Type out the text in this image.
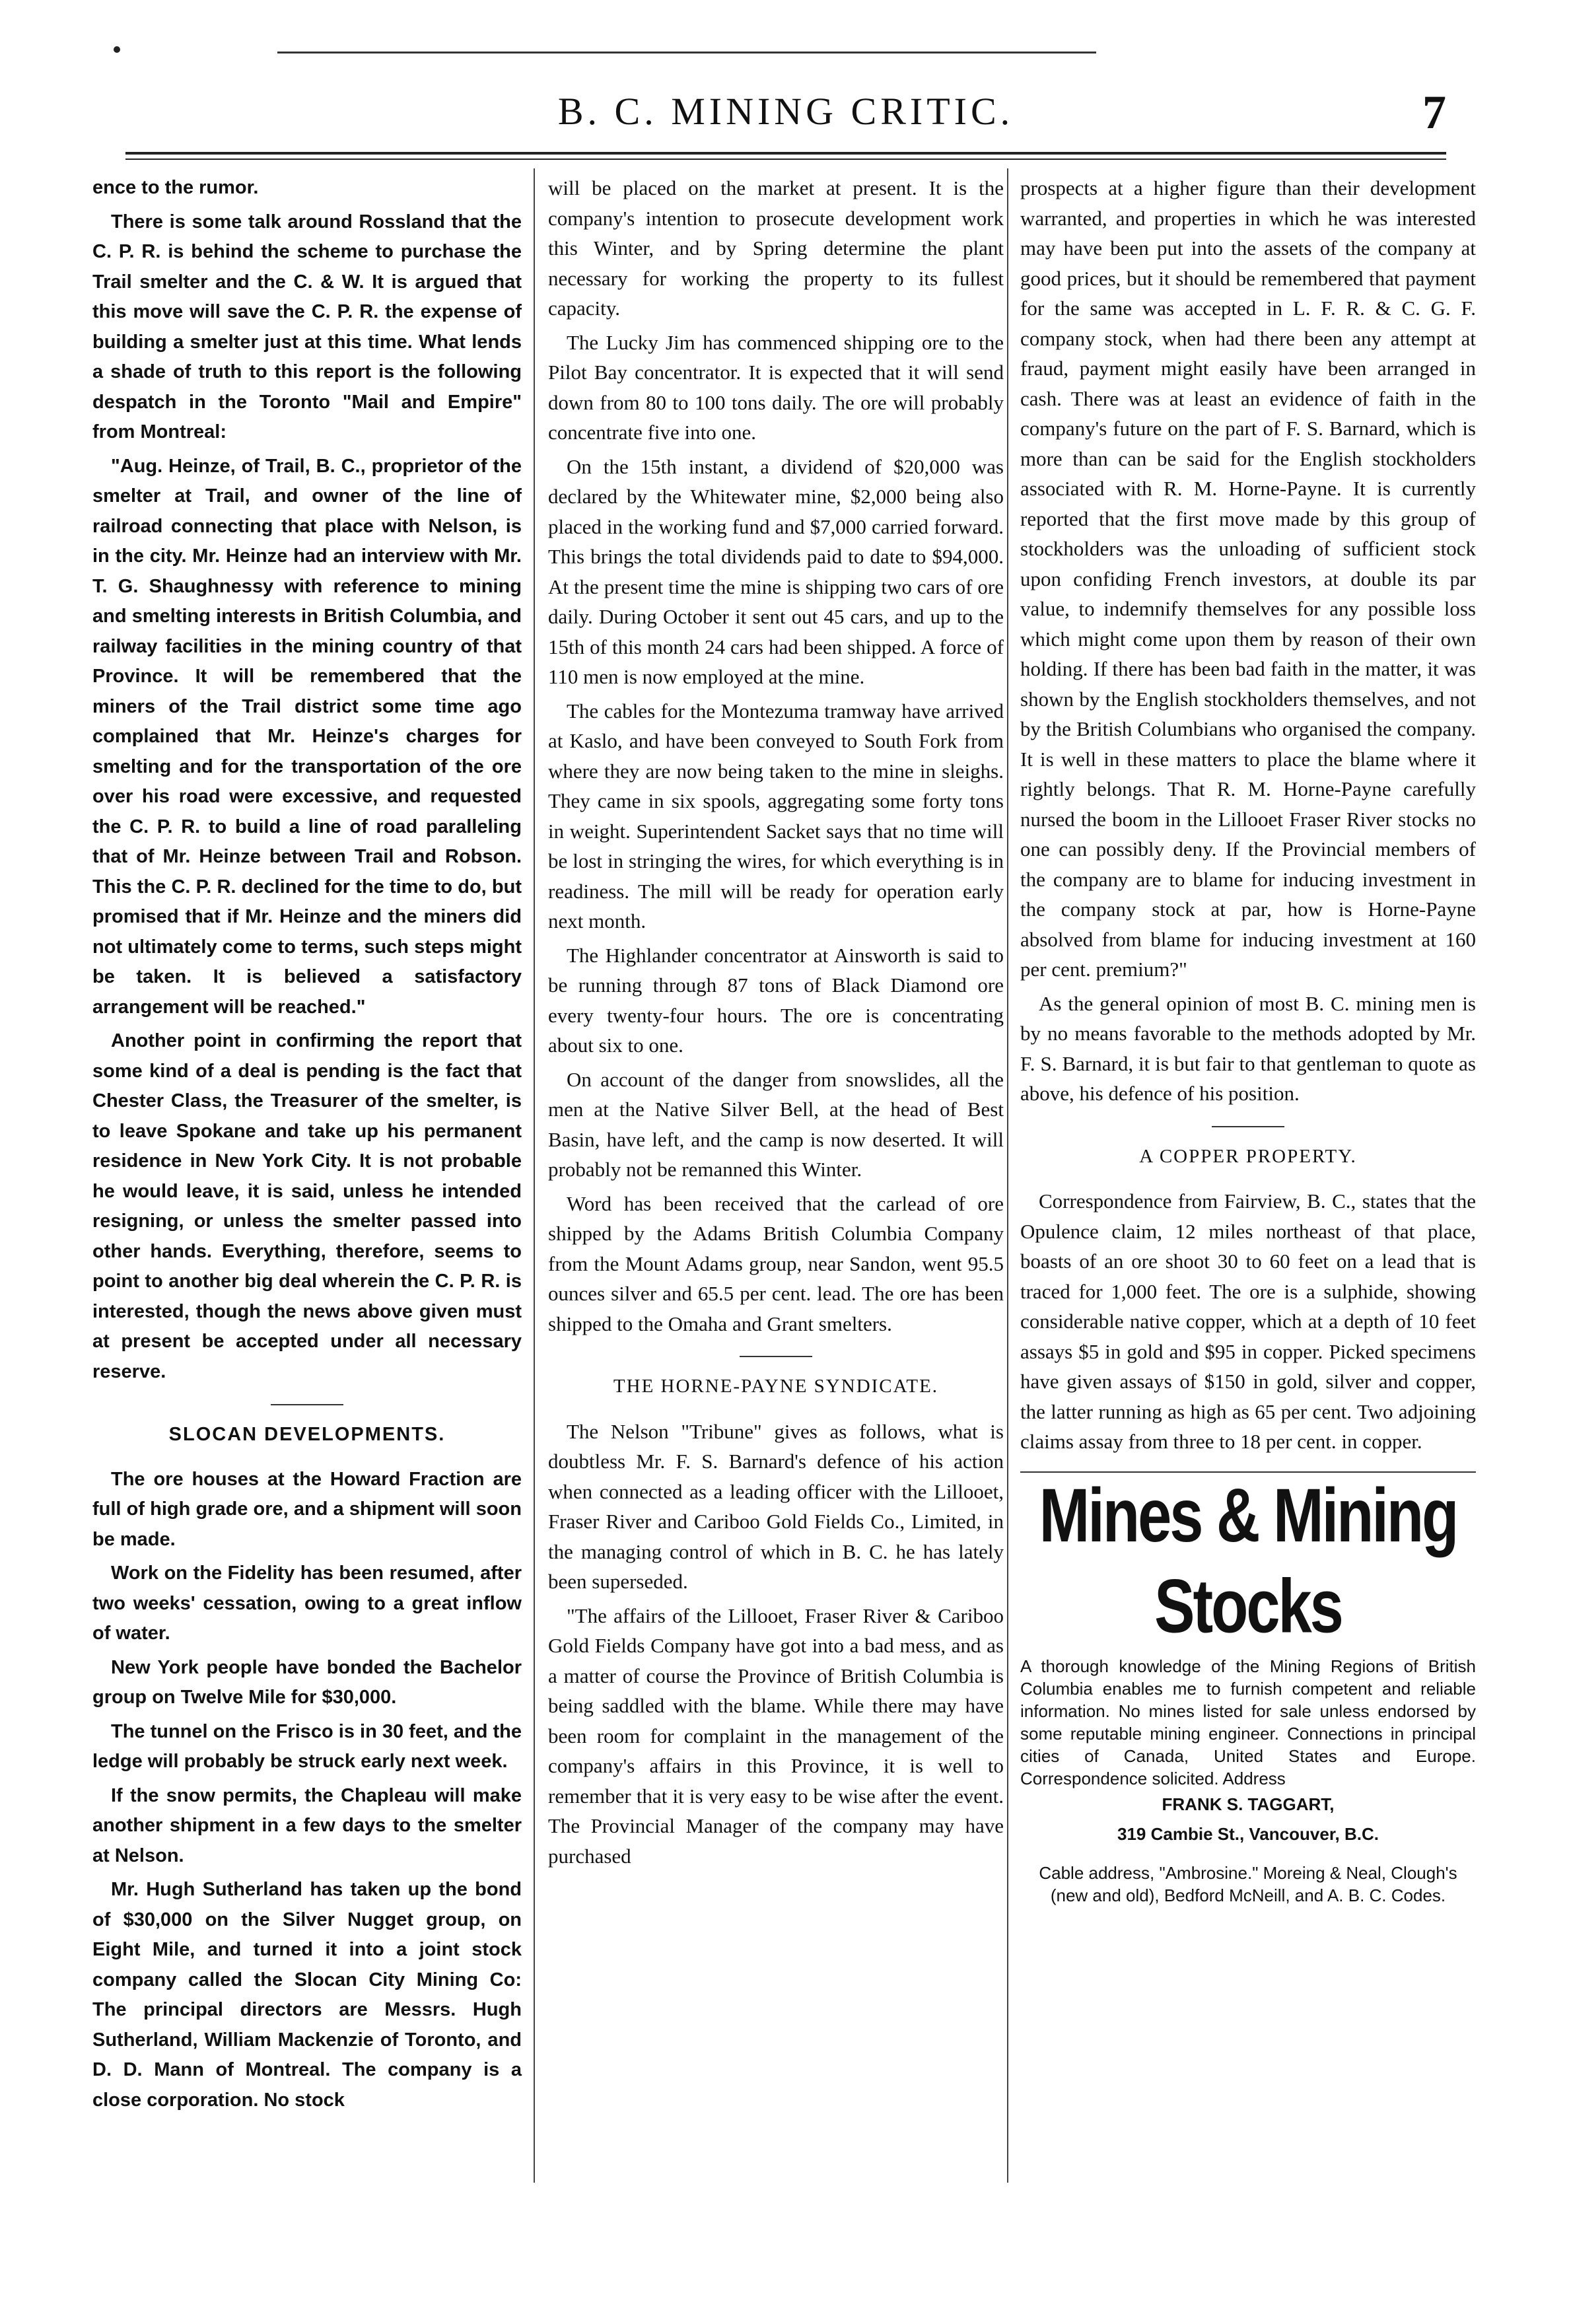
B. C. MINING CRITIC.	7

ence to the rumor.

There is some talk around Rossland that the C. P. R. is behind the scheme to purchase the Trail smelter and the C. & W. It is argued that this move will save the C. P. R. the expense of building a smelter just at this time. What lends a shade of truth to this report is the following despatch in the Toronto "Mail and Empire" from Montreal:

"Aug. Heinze, of Trail, B. C., proprietor of the smelter at Trail, and owner of the line of railroad connecting that place with Nelson, is in the city. Mr. Heinze had an interview with Mr. T. G. Shaughnessy with reference to mining and smelting interests in British Columbia, and railway facilities in the mining country of that Province. It will be remembered that the miners of the Trail district some time ago complained that Mr. Heinze's charges for smelting and for the transportation of the ore over his road were excessive, and requested the C. P. R. to build a line of road paralleling that of Mr. Heinze between Trail and Robson. This the C. P. R. declined for the time to do, but promised that if Mr. Heinze and the miners did not ultimately come to terms, such steps might be taken. It is believed a satisfactory arrangement will be reached."

Another point in confirming the report that some kind of a deal is pending is the fact that Chester Class, the Treasurer of the smelter, is to leave Spokane and take up his permanent residence in New York City. It is not probable he would leave, it is said, unless he intended resigning, or unless the smelter passed into other hands. Everything, therefore, seems to point to another big deal wherein the C. P. R. is interested, though the news above given must at present be accepted under all necessary reserve.

SLOCAN DEVELOPMENTS.

The ore houses at the Howard Fraction are full of high grade ore, and a shipment will soon be made.

Work on the Fidelity has been resumed, after two weeks' cessation, owing to a great inflow of water.

New York people have bonded the Bachelor group on Twelve Mile for $30,000.

The tunnel on the Frisco is in 30 feet, and the ledge will probably be struck early next week.

If the snow permits, the Chapleau will make another shipment in a few days to the smelter at Nelson.

Mr. Hugh Sutherland has taken up the bond of $30,000 on the Silver Nugget group, on Eight Mile, and turned it into a joint stock company called the Slocan City Mining Co: The principal directors are Messrs. Hugh Sutherland, William Mackenzie of Toronto, and D. D. Mann of Montreal. The company is a close corporation. No stock

will be placed on the market at present. It is the company's intention to prosecute development work this Winter, and by Spring determine the plant necessary for working the property to its fullest capacity.

The Lucky Jim has commenced shipping ore to the Pilot Bay concentrator. It is expected that it will send down from 80 to 100 tons daily. The ore will probably concentrate five into one.

On the 15th instant, a dividend of $20,000 was declared by the Whitewater mine, $2,000 being also placed in the working fund and $7,000 carried forward. This brings the total dividends paid to date to $94,000. At the present time the mine is shipping two cars of ore daily. During October it sent out 45 cars, and up to the 15th of this month 24 cars had been shipped. A force of 110 men is now employed at the mine.

The cables for the Montezuma tramway have arrived at Kaslo, and have been conveyed to South Fork from where they are now being taken to the mine in sleighs. They came in six spools, aggregating some forty tons in weight. Superintendent Sacket says that no time will be lost in stringing the wires, for which everything is in readiness. The mill will be ready for operation early next month.

The Highlander concentrator at Ainsworth is said to be running through 87 tons of Black Diamond ore every twenty-four hours. The ore is concentrating about six to one.

On account of the danger from snowslides, all the men at the Native Silver Bell, at the head of Best Basin, have left, and the camp is now deserted. It will probably not be remanned this Winter.

Word has been received that the carlead of ore shipped by the Adams British Columbia Company from the Mount Adams group, near Sandon, went 95.5 ounces silver and 65.5 per cent. lead. The ore has been shipped to the Omaha and Grant smelters.

THE HORNE-PAYNE SYNDICATE.

The Nelson "Tribune" gives as follows, what is doubtless Mr. F. S. Barnard's defence of his action when connected as a leading officer with the Lillooet, Fraser River and Cariboo Gold Fields Co., Limited, in the managing control of which in B. C. he has lately been superseded.

"The affairs of the Lillooet, Fraser River & Cariboo Gold Fields Company have got into a bad mess, and as a matter of course the Province of British Columbia is being saddled with the blame. While there may have been room for complaint in the management of the company's affairs in this Province, it is well to remember that it is very easy to be wise after the event. The Provincial Manager of the company may have purchased

prospects at a higher figure than their development warranted, and properties in which he was interested may have been put into the assets of the company at good prices, but it should be remembered that payment for the same was accepted in L. F. R. & C. G. F. company stock, when had there been any attempt at fraud, payment might easily have been arranged in cash. There was at least an evidence of faith in the company's future on the part of F. S. Barnard, which is more than can be said for the English stockholders associated with R. M. Horne-Payne. It is currently reported that the first move made by this group of stockholders was the unloading of sufficient stock upon confiding French investors, at double its par value, to indemnify themselves for any possible loss which might come upon them by reason of their own holding. If there has been bad faith in the matter, it was shown by the English stockholders themselves, and not by the British Columbians who organised the company. It is well in these matters to place the blame where it rightly belongs. That R. M. Horne-Payne carefully nursed the boom in the Lillooet Fraser River stocks no one can possibly deny. If the Provincial members of the company are to blame for inducing investment in the company stock at par, how is Horne-Payne absolved from blame for inducing investment at 160 per cent. premium?"

As the general opinion of most B. C. mining men is by no means favorable to the methods adopted by Mr. F. S. Barnard, it is but fair to that gentleman to quote as above, his defence of his position.

A COPPER PROPERTY.

Correspondence from Fairview, B. C., states that the Opulence claim, 12 miles northeast of that place, boasts of an ore shoot 30 to 60 feet on a lead that is traced for 1,000 feet. The ore is a sulphide, showing considerable native copper, which at a depth of 10 feet assays $5 in gold and $95 in copper. Picked specimens have given assays of $150 in gold, silver and copper, the latter running as high as 65 per cent. Two adjoining claims assay from three to 18 per cent. in copper.

Mines & Mining Stocks

A thorough knowledge of the Mining Regions of British Columbia enables me to furnish competent and reliable information. No mines listed for sale unless endorsed by some reputable mining engineer. Connections in principal cities of Canada, United States and Europe. Correspondence solicited. Address

FRANK S. TAGGART,
319 Cambie St., Vancouver, B.C.
Cable address, "Ambrosine." Moreing & Neal, Clough's (new and old), Bedford McNeill, and A. B. C. Codes.
